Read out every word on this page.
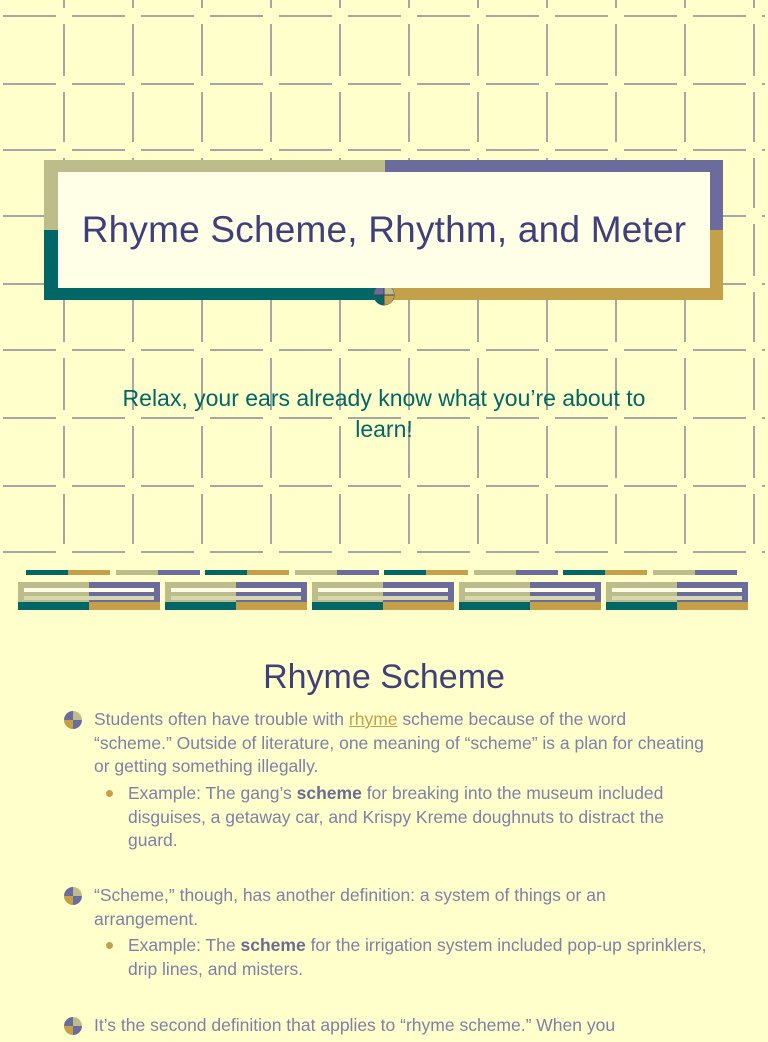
Rhyme Scheme, Rhythm, and Meter
Relax, your ears already know what you’re about to learn!
Rhyme Scheme
Students often have trouble with rhyme scheme because of the word “scheme.” Outside of literature, one meaning of “scheme” is a plan for cheating or getting something illegally.
Example: The gang’s scheme for breaking into the museum included disguises, a getaway car, and Krispy Kreme doughnuts to distract the guard.
“Scheme,” though, has another definition: a system of things or an arrangement.
Example: The scheme for the irrigation system included pop-up sprinklers, drip lines, and misters.
It’s the second definition that applies to “rhyme scheme.” When you
